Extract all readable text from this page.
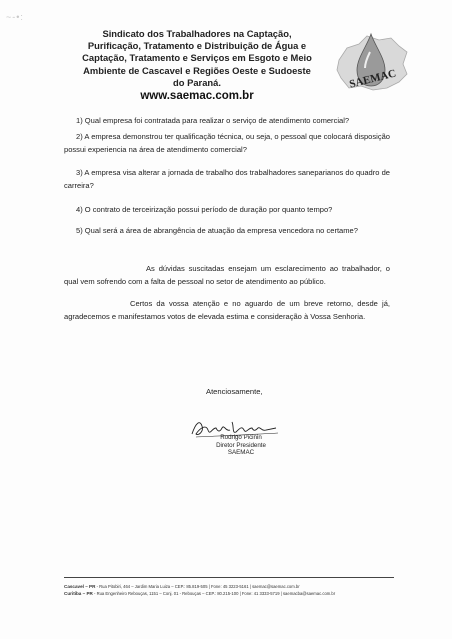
~-•:
Sindicato dos Trabalhadores na Captação,
Purificação, Tratamento e Distribuição de Água e
Captação, Tratamento e Serviços em Esgoto e Meio
Ambiente de Cascavel e Regiões Oeste e Sudoeste
do Paraná.
www.saemac.com.br
SAEMAC
1) Qual empresa foi contratada para realizar o serviço de atendimento comercial?
2) A empresa demonstrou ter qualificação técnica, ou seja, o pessoal que colocará disposição possui experiencia na área de atendimento comercial?
3) A empresa visa alterar a jornada de trabalho dos trabalhadores saneparianos do quadro de carreira?
4) O contrato de terceirização possui período de duração por quanto tempo?
5) Qual será a área de abrangência de atuação da empresa vencedora no certame?
As dúvidas suscitadas ensejam um esclarecimento ao trabalhador, o qual vem sofrendo com a falta de pessoal no setor de atendimento ao público.
Certos da vossa atenção e no aguardo de um breve retorno, desde já, agradecemos e manifestamos votos de elevada estima e consideração à Vossa Senhoria.
Atenciosamente,
Rodrigo Picinin
Diretor Presidente
SAEMAC
Cascavel – PR - Rua Pitobiri, 464 – Jardim Maria Luiza – CEP.: 85.819-505 | Fone: 45 3223-5161 | saemac@saemac.com.br
Curitiba – PR - Rua Engenheiro Rebouças, 1151 – Conj. 01 - Rebouças – CEP.: 80.215-100 | Fone: 41 3333-5719 | saemacba@saemac.com.br
